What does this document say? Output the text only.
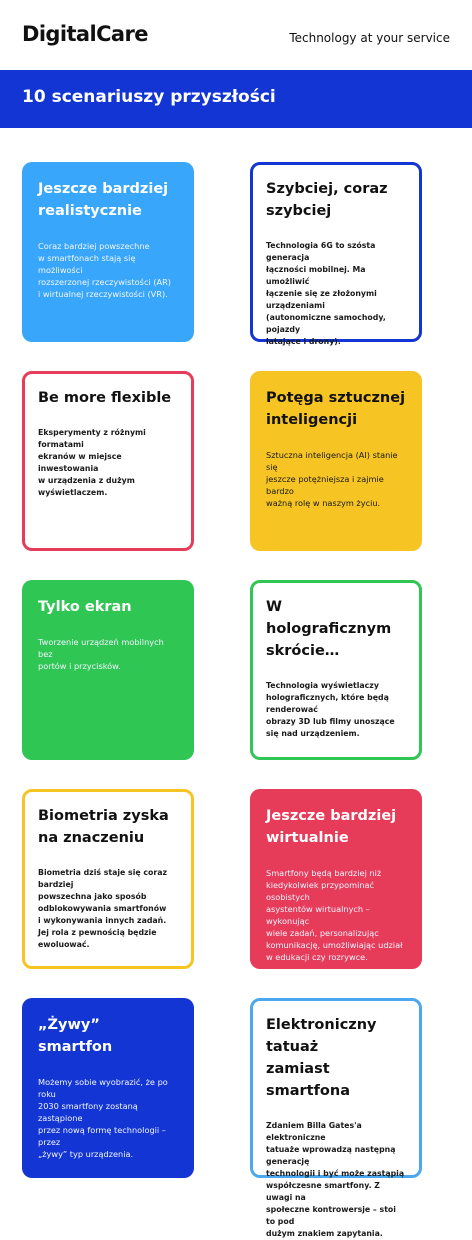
DigitalCare	Technology at your service
10 scenariuszy przyszłości
Jeszcze bardziej
realistycznie
Coraz bardziej powszechne
w smartfonach stają się możliwości
rozszerzonej rzeczywistości (AR)
i wirtualnej rzeczywistości (VR).
Szybciej, coraz
szybciej
Technologia 6G to szósta generacja
łączności mobilnej. Ma umożliwić
łączenie się ze złożonymi urządzeniami
(autonomiczne samochody, pojazdy
latające i drony).
Be more flexible
Eksperymenty z różnymi formatami
ekranów w miejsce inwestowania
w urządzenia z dużym wyświetlaczem.
Potęga sztucznej
inteligencji
Sztuczna inteligencja (AI) stanie się
jeszcze potężniejsza i zajmie bardzo
ważną rolę w naszym życiu.
Tylko ekran
Tworzenie urządzeń mobilnych bez
portów i przycisków.
W holograficznym
skrócie…
Technologia wyświetlaczy
holograficznych, które będą renderować
obrazy 3D lub filmy unoszące
się nad urządzeniem.
Biometria zyska
na znaczeniu
Biometria dziś staje się coraz bardziej
powszechna jako sposób
odblokowywania smartfonów
i wykonywania innych zadań.
Jej rola z pewnością będzie ewoluować.
Jeszcze bardziej
wirtualnie
Smartfony będą bardziej niż
kiedykolwiek przypominać osobistych
asystentów wirtualnych – wykonując
wiele zadań, personalizując
komunikację, umożliwiając udział
w edukacji czy rozrywce.
„Żywy” smartfon
Możemy sobie wyobrazić, że po roku
2030 smartfony zostaną zastąpione
przez nową formę technologii – przez
„żywy” typ urządzenia.
Elektroniczny tatuaż
zamiast smartfona
Zdaniem Billa Gates'a elektroniczne
tatuaże wprowadzą następną generację
technologii i być może zastąpią
współczesne smartfony. Z uwagi na
społeczne kontrowersje – stoi to pod
dużym znakiem zapytania.
